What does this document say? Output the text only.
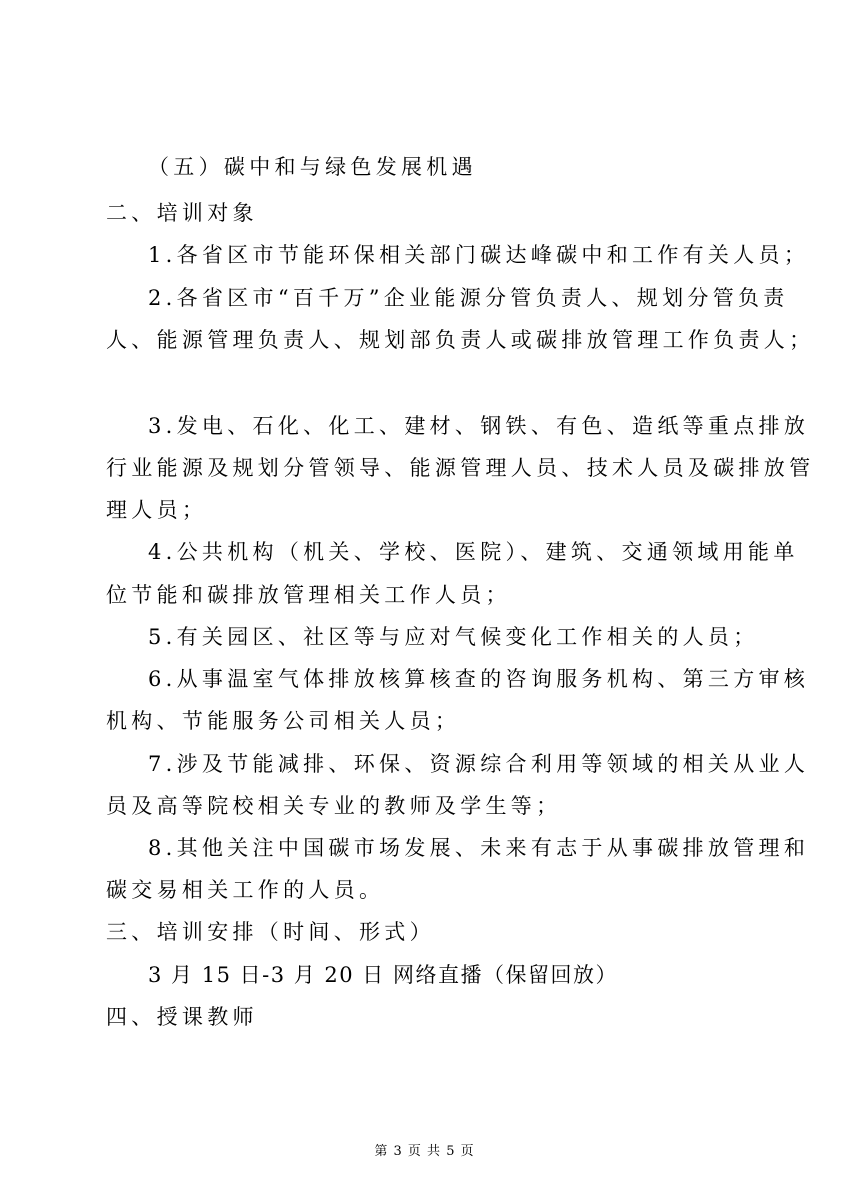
（五）碳中和与绿色发展机遇
二、培训对象
1.各省区市节能环保相关部门碳达峰碳中和工作有关人员；
2.各省区市“百千万”企业能源分管负责人、规划分管负责
人、能源管理负责人、规划部负责人或碳排放管理工作负责人；
3.发电、石化、化工、建材、钢铁、有色、造纸等重点排放
行业能源及规划分管领导、能源管理人员、技术人员及碳排放管
理人员；
4.公共机构（机关、学校、医院）、建筑、交通领域用能单
位节能和碳排放管理相关工作人员；
5.有关园区、社区等与应对气候变化工作相关的人员；
6.从事温室气体排放核算核查的咨询服务机构、第三方审核
机构、节能服务公司相关人员；
7.涉及节能减排、环保、资源综合利用等领域的相关从业人
员及高等院校相关专业的教师及学生等；
8.其他关注中国碳市场发展、未来有志于从事碳排放管理和
碳交易相关工作的人员。
三、培训安排（时间、形式）
3 月 15 日-3 月 20 日 网络直播（保留回放）
四、授课教师
第 3 页 共 5 页
